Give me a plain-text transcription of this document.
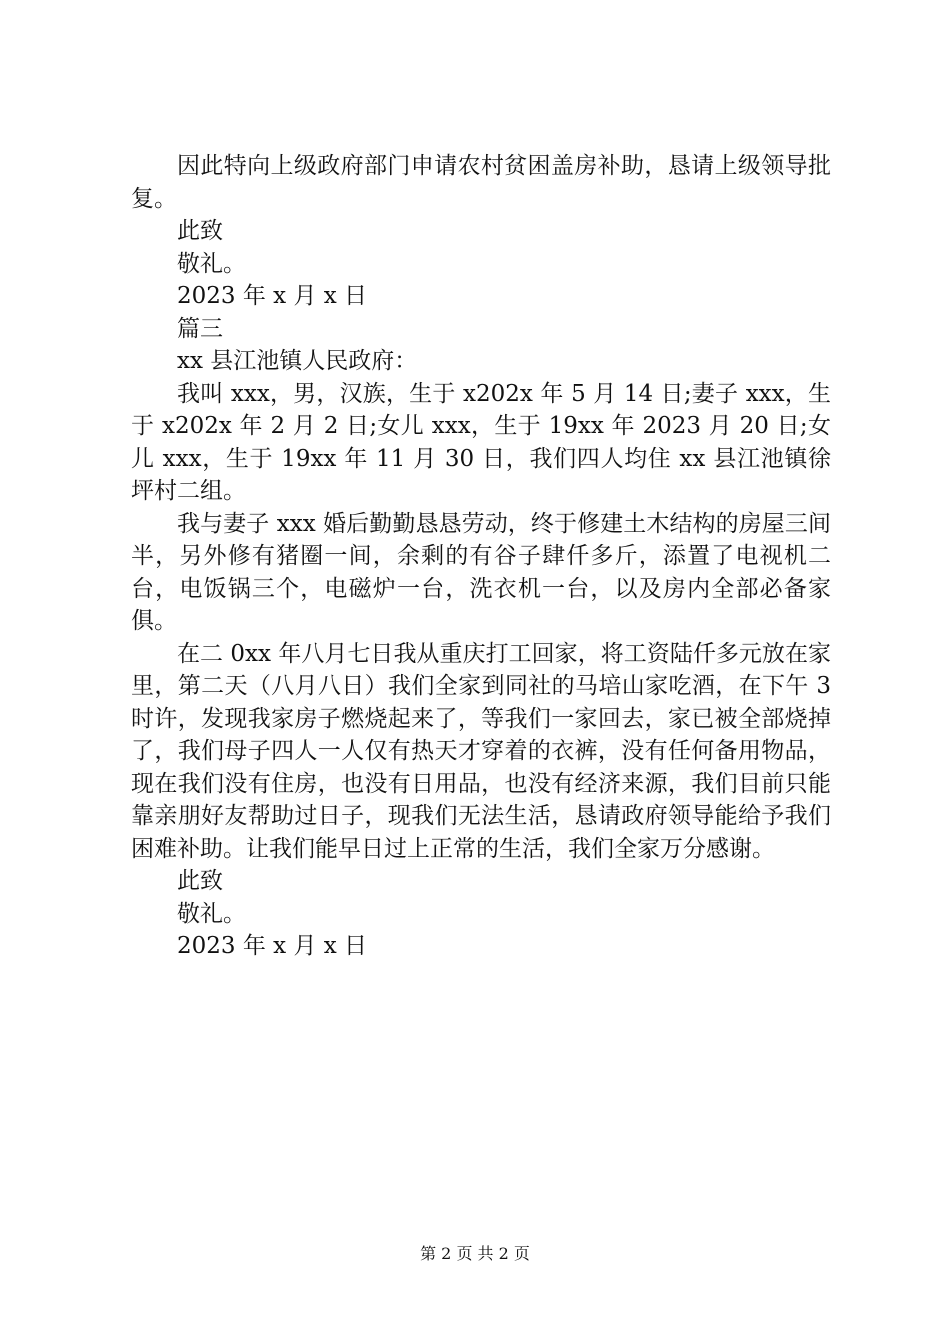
因此特向上级政府部门申请农村贫困盖房补助，恳请上级领导批复。

此致

敬礼。

2023 年 x 月 x 日

篇三

xx 县江池镇人民政府：

我叫 xxx，男，汉族，生于 x202x 年 5 月 14 日;妻子 xxx，生于 x202x 年 2 月 2 日;女儿 xxx，生于 19xx 年 2023 月 20 日;女儿 xxx，生于 19xx 年 11 月 30 日，我们四人均住 xx 县江池镇徐坪村二组。

我与妻子 xxx 婚后勤勤恳恳劳动，终于修建土木结构的房屋三间半，另外修有猪圈一间，余剩的有谷子肆仟多斤，添置了电视机二台，电饭锅三个，电磁炉一台，洗衣机一台，以及房内全部必备家俱。

在二 0xx 年八月七日我从重庆打工回家，将工资陆仟多元放在家里，第二天（八月八日）我们全家到同社的马培山家吃酒，在下午 3 时许，发现我家房子燃烧起来了，等我们一家回去，家已被全部烧掉了，我们母子四人一人仅有热天才穿着的衣裤，没有任何备用物品，现在我们没有住房，也没有日用品，也没有经济来源，我们目前只能靠亲朋好友帮助过日子，现我们无法生活，恳请政府领导能给予我们困难补助。让我们能早日过上正常的生活，我们全家万分感谢。

此致

敬礼。

2023 年 x 月 x 日

第 2 页 共 2 页
